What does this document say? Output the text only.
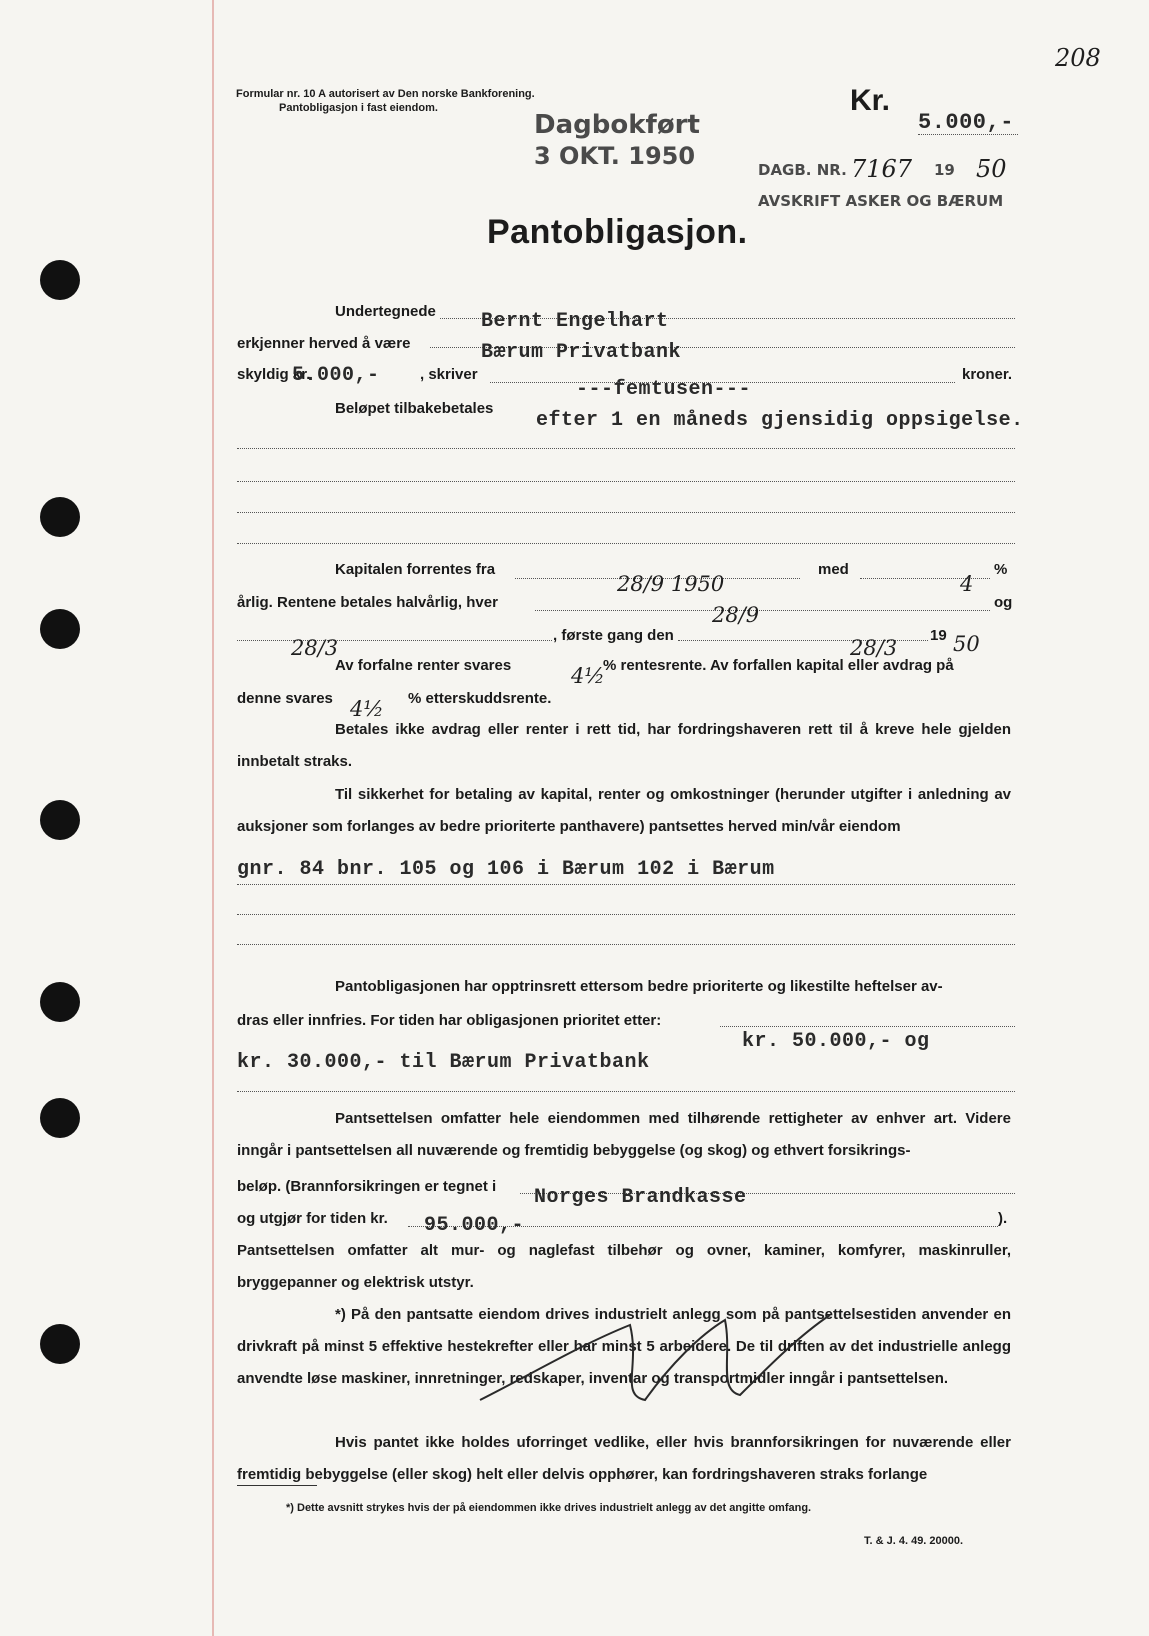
208
Formular nr. 10 A autorisert av Den norske Bankforening.
Pantobligasjon i fast eiendom.
Dagbokført
3 OKT. 1950
Kr.
5.000,-
DAGB. NR. 7167 19 50
AVSKRIFT ASKER OG BÆRUM
Pantobligasjon.
Undertegnede Bernt Engelhart
erkjenner herved å være	Bærum Privatbank
skyldig kr.
5.000,-	, skriver
---femtusen---
kroner.
Beløpet tilbakebetales
efter 1 en måneds gjensidig oppsigelse.
Kapitalen forrentes fra
28/9 1950
med
4
%
årlig. Rentene betales halvårlig, hver
28/9
og
28/3
, første gang den
28/3
19 50
Av forfalne renter svares	4½
% rentesrente. Av forfallen kapital eller avdrag på
denne svares 4½ % etterskuddsrente.
Betales ikke avdrag eller renter i rett tid, har fordringshaveren rett til å kreve hele gjelden innbetalt straks.
Til sikkerhet for betaling av kapital, renter og omkostninger (herunder utgifter i anledning av auksjoner som forlanges av bedre prioriterte panthavere) pantsettes herved min/vår eiendom
gnr. 84 bnr. 105 og 106 i Bærum 102 i Bærum
Pantobligasjonen har opptrinsrett ettersom bedre prioriterte og likestilte heftelser av-
dras eller innfries. For tiden har obligasjonen prioritet etter:
kr. 50.000,- og
kr. 30.000,- til Bærum Privatbank
Pantsettelsen omfatter hele eiendommen med tilhørende rettigheter av enhver art. Videre inngår i pantsettelsen all nuværende og fremtidig bebyggelse (og skog) og ethvert forsikrings-
beløp. (Brannforsikringen er tegnet i Norges Brandkasse
og utgjør for tiden kr. 95.000,-	).
Pantsettelsen omfatter alt mur- og naglefast tilbehør og ovner, kaminer, komfyrer, maskinruller, bryggepanner og elektrisk utstyr.
*) På den pantsatte eiendom drives industrielt anlegg som på pantsettelsestiden anvender en drivkraft på minst 5 effektive hestekrefter eller har minst 5 arbeidere. De til driften av det industrielle anlegg anvendte løse maskiner, innretninger, redskaper, inventar og transportmidler inngår i pantsettelsen.
Hvis pantet ikke holdes uforringet vedlike, eller hvis brannforsikringen for nuværende eller fremtidig bebyggelse (eller skog) helt eller delvis opphører, kan fordringshaveren straks forlange
*) Dette avsnitt strykes hvis der på eiendommen ikke drives industrielt anlegg av det angitte omfang.
T. & J. 4. 49. 20000.
